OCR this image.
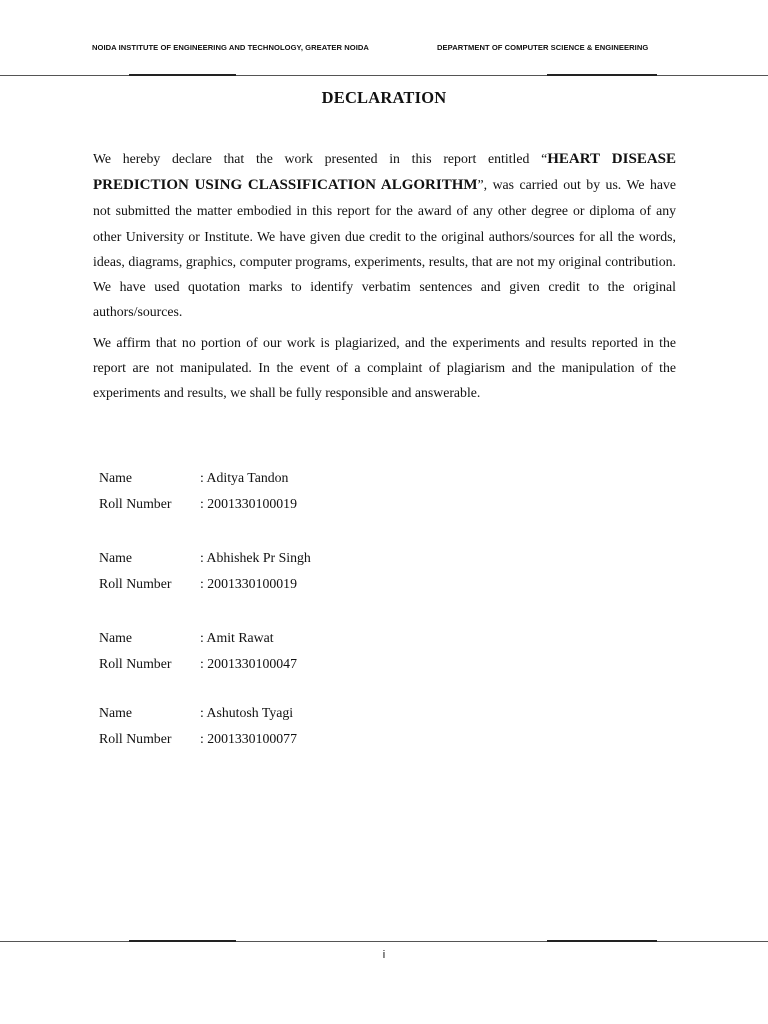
NOIDA INSTITUTE OF ENGINEERING AND TECHNOLOGY, GREATER NOIDA	DEPARTMENT OF COMPUTER SCIENCE & ENGINEERING
DECLARATION
We hereby declare that the work presented in this report entitled “HEART DISEASE PREDICTION USING CLASSIFICATION ALGORITHM”, was carried out by us. We have not submitted the matter embodied in this report for the award of any other degree or diploma of any other University or Institute. We have given due credit to the original authors/sources for all the words, ideas, diagrams, graphics, computer programs, experiments, results, that are not my original contribution. We have used quotation marks to identify verbatim sentences and given credit to the original authors/sources.
We affirm that no portion of our work is plagiarized, and the experiments and results reported in the report are not manipulated. In the event of a complaint of plagiarism and the manipulation of the experiments and results, we shall be fully responsible and answerable.
Name	: Aditya Tandon
Roll Number : 2001330100019
Name	: Abhishek Pr Singh
Roll Number : 2001330100019
Name	: Amit Rawat
Roll Number : 2001330100047
Name	: Ashutosh Tyagi
Roll Number : 2001330100077
i
